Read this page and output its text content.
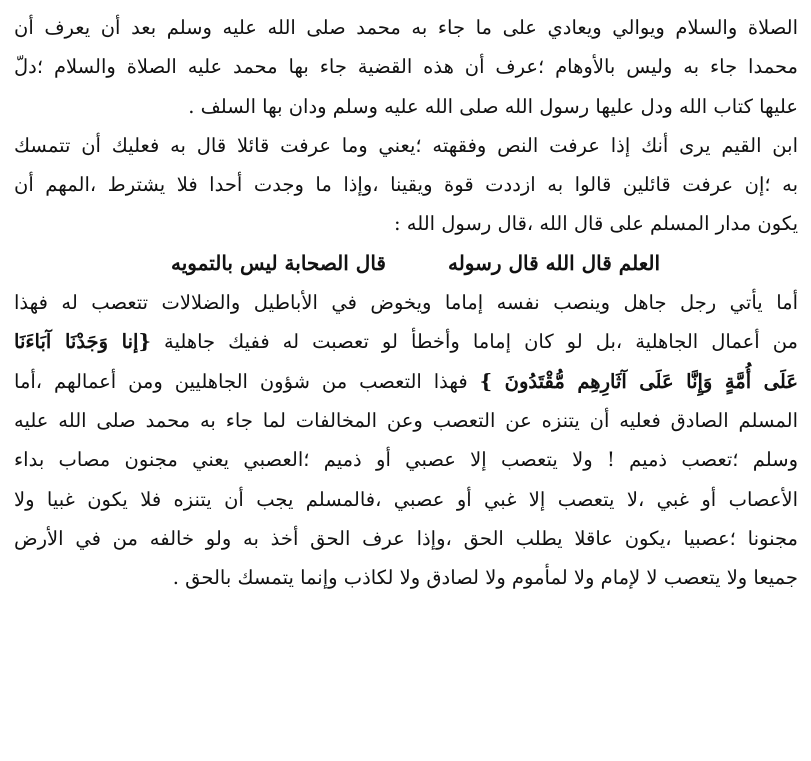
الصلاة والسلام ويوالي ويعادي على ما جاء به محمد صلى الله عليه وسلم بعد أن يعرف أن
محمدا جاء به وليس بالأوهام ؛عرف أن هذه القضية جاء بها محمد عليه الصلاة والسلام ؛دلّ
عليها كتاب الله ودل عليها رسول الله صلى الله عليه وسلم ودان بها السلف .
ابن القيم يرى أنك إذا عرفت النص وفقهته ؛يعني وما عرفت قائلا قال به فعليك أن تتمسك
به ؛إن عرفت قائلين قالوا به ازددت قوة ويقينا ،وإذا ما وجدت أحدا فلا يشترط ،المهم أن
يكون مدار المسلم على قال الله ،قال رسول الله :
العلم قال الله قال رسولهقال الصحابة ليس بالتمويه
أما يأتي رجل جاهل وينصب نفسه إماما ويخوض في الأباطيل والضلالات تتعصب له فهذا
من أعمال الجاهلية ،بل لو كان إماما وأخطأ لو تعصبت له ففيك جاهلية {إنا وَجَدْنَا آبَاءَنَا
عَلَى أُمَّةٍ وَإِنَّا عَلَى آثَارِهِم مُّقْتَدُونَ } فهذا التعصب من شؤون الجاهليين ومن أعمالهم ،أما
المسلم الصادق فعليه أن يتنزه عن التعصب وعن المخالفات لما جاء به محمد صلى الله عليه
وسلم ؛تعصب ذميم ! ولا يتعصب إلا عصبي أو ذميم ؛العصبي يعني مجنون مصاب بداء
الأعصاب أو غبي ،لا يتعصب إلا غبي أو عصبي ،فالمسلم يجب أن يتنزه فلا يكون غبيا ولا
مجنونا ؛عصبيا ،يكون عاقلا يطلب الحق ،وإذا عرف الحق أخذ به ولو خالفه من في الأرض
جميعا ولا يتعصب لا لإمام ولا لمأموم ولا لصادق ولا لكاذب وإنما يتمسك بالحق .
